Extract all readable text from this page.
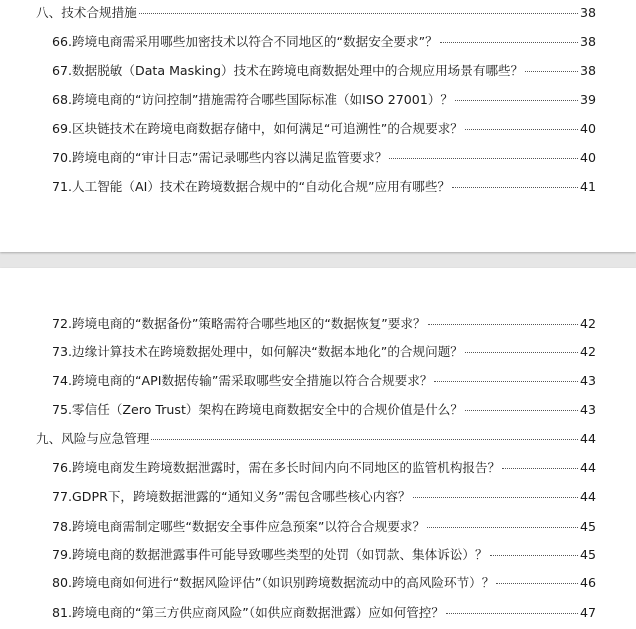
八、技术合规措施	38
66.跨境电商需采用哪些加密技术以符合不同地区的“数据安全要求”？	38
67.数据脱敏（Data Masking）技术在跨境电商数据处理中的合规应用场景有哪些？	38
68.跨境电商的“访问控制”措施需符合哪些国际标准（如ISO 27001）？	39
69.区块链技术在跨境电商数据存储中，如何满足“可追溯性”的合规要求？	40
70.跨境电商的“审计日志”需记录哪些内容以满足监管要求？	40
71.人工智能（AI）技术在跨境数据合规中的“自动化合规”应用有哪些？	41
72.跨境电商的“数据备份”策略需符合哪些地区的“数据恢复”要求？	42
73.边缘计算技术在跨境数据处理中，如何解决“数据本地化”的合规问题？	42
74.跨境电商的“API数据传输”需采取哪些安全措施以符合合规要求？	43
75.零信任（Zero Trust）架构在跨境电商数据安全中的合规价值是什么？	43
九、风险与应急管理	44
76.跨境电商发生跨境数据泄露时，需在多长时间内向不同地区的监管机构报告？	44
77.GDPR下，跨境数据泄露的“通知义务”需包含哪些核心内容？	44
78.跨境电商需制定哪些“数据安全事件应急预案”以符合合规要求？	45
79.跨境电商的数据泄露事件可能导致哪些类型的处罚（如罚款、集体诉讼）？	45
80.跨境电商如何进行“数据风险评估”（如识别跨境数据流动中的高风险环节）？	46
81.跨境电商的“第三方供应商风险”（如供应商数据泄露）应如何管控？	47
